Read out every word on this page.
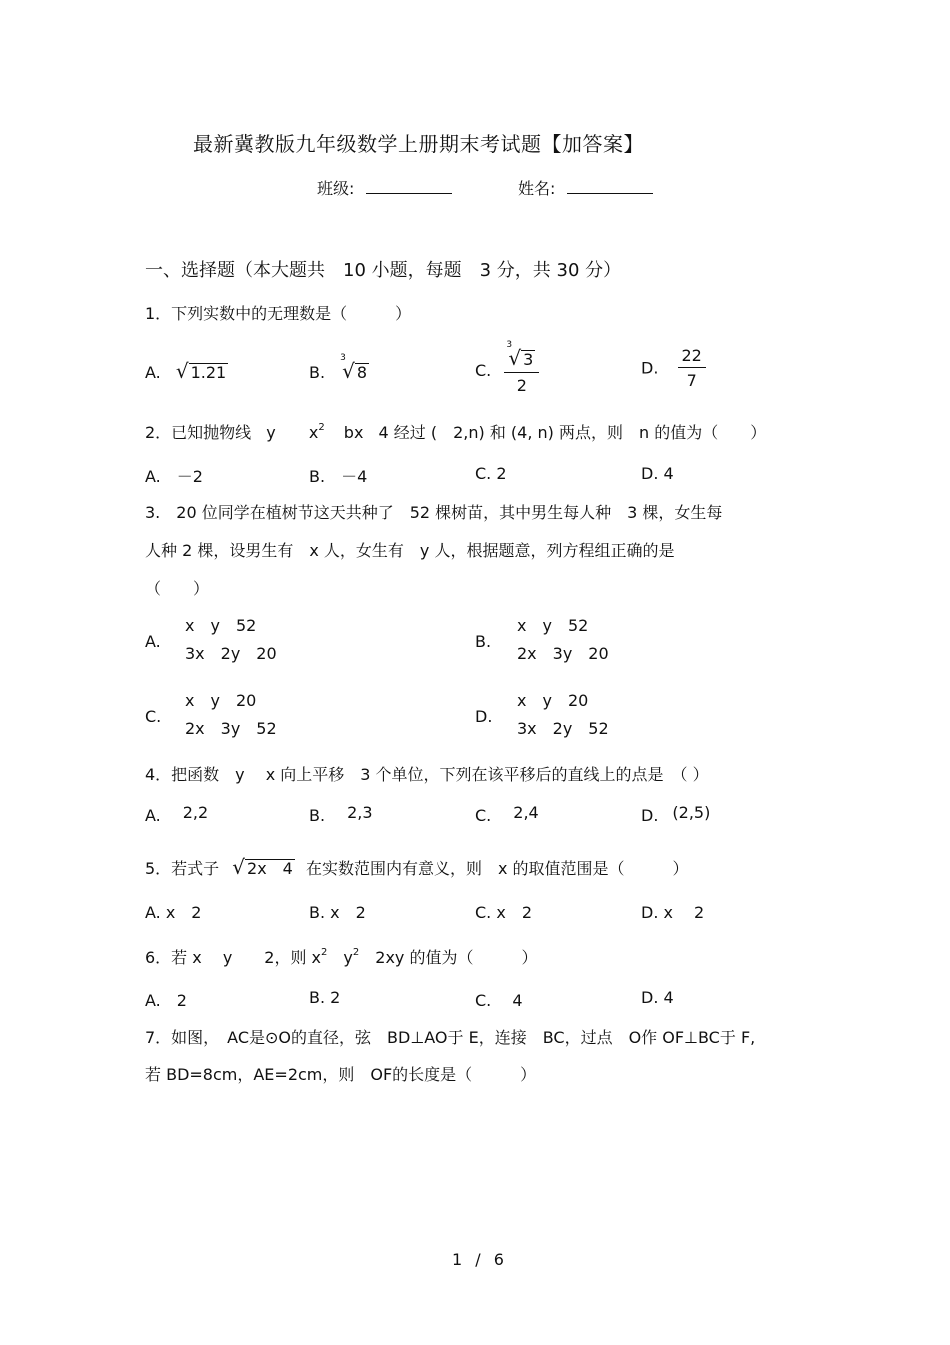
最新冀教版九年级数学上册期末考试题【加答案】
班级:	姓名:
一、选择题（本大题共　10 小题，每题　3 分，共 30 分）
1．下列实数中的无理数是（　　　）
A. √ 1.21	B.
3
√ 8	C. 3
√ 3
2	D. $\frac{22}{7}$
2．已知抛物线 y $x^2$ bx 4 经过 (　2,n) 和 (4, n) 两点，则　n 的值为（　　）
A.　－2	B.　－4	C. 2	D. 4
3.　20 位同学在植树节这天共种了　52 棵树苗，其中男生每人种　3 棵，女生每
人种 2 棵，设男生有　x 人，女生有　y 人，根据题意，列方程组正确的是
（　　）
A.
x　y　52
3x　2y　20
B.
x　y　52
2x　3y　20
C.
x　y　20
2x　3y　52
D.
x　y　20
3x　2y　52
4．把函数　y　 x 向上平移　3 个单位，下列在该平移后的直线上的点是　（ ）
A. 2,2	B. 2,3	C. 2,4	D. (2,5)
5．若式子 √ 2x　4 在实数范围内有意义，则　x 的取值范围是（　　　）
A. x　2	B. x　2	C. x　2	D. x　 2
6．若 x　 y　　2，则 $x^2$　$y^2$　2xy 的值为（　　　）
A.　2	B. 2	C.　 4	D. 4
7．如图，　AC是⊙O的直径，弦　BD⊥AO于 E，连接　BC，过点　O作 OF⊥BC于 F,
若 BD=8cm，AE=2cm，则　OF的长度是（　　　）
1 / 6
